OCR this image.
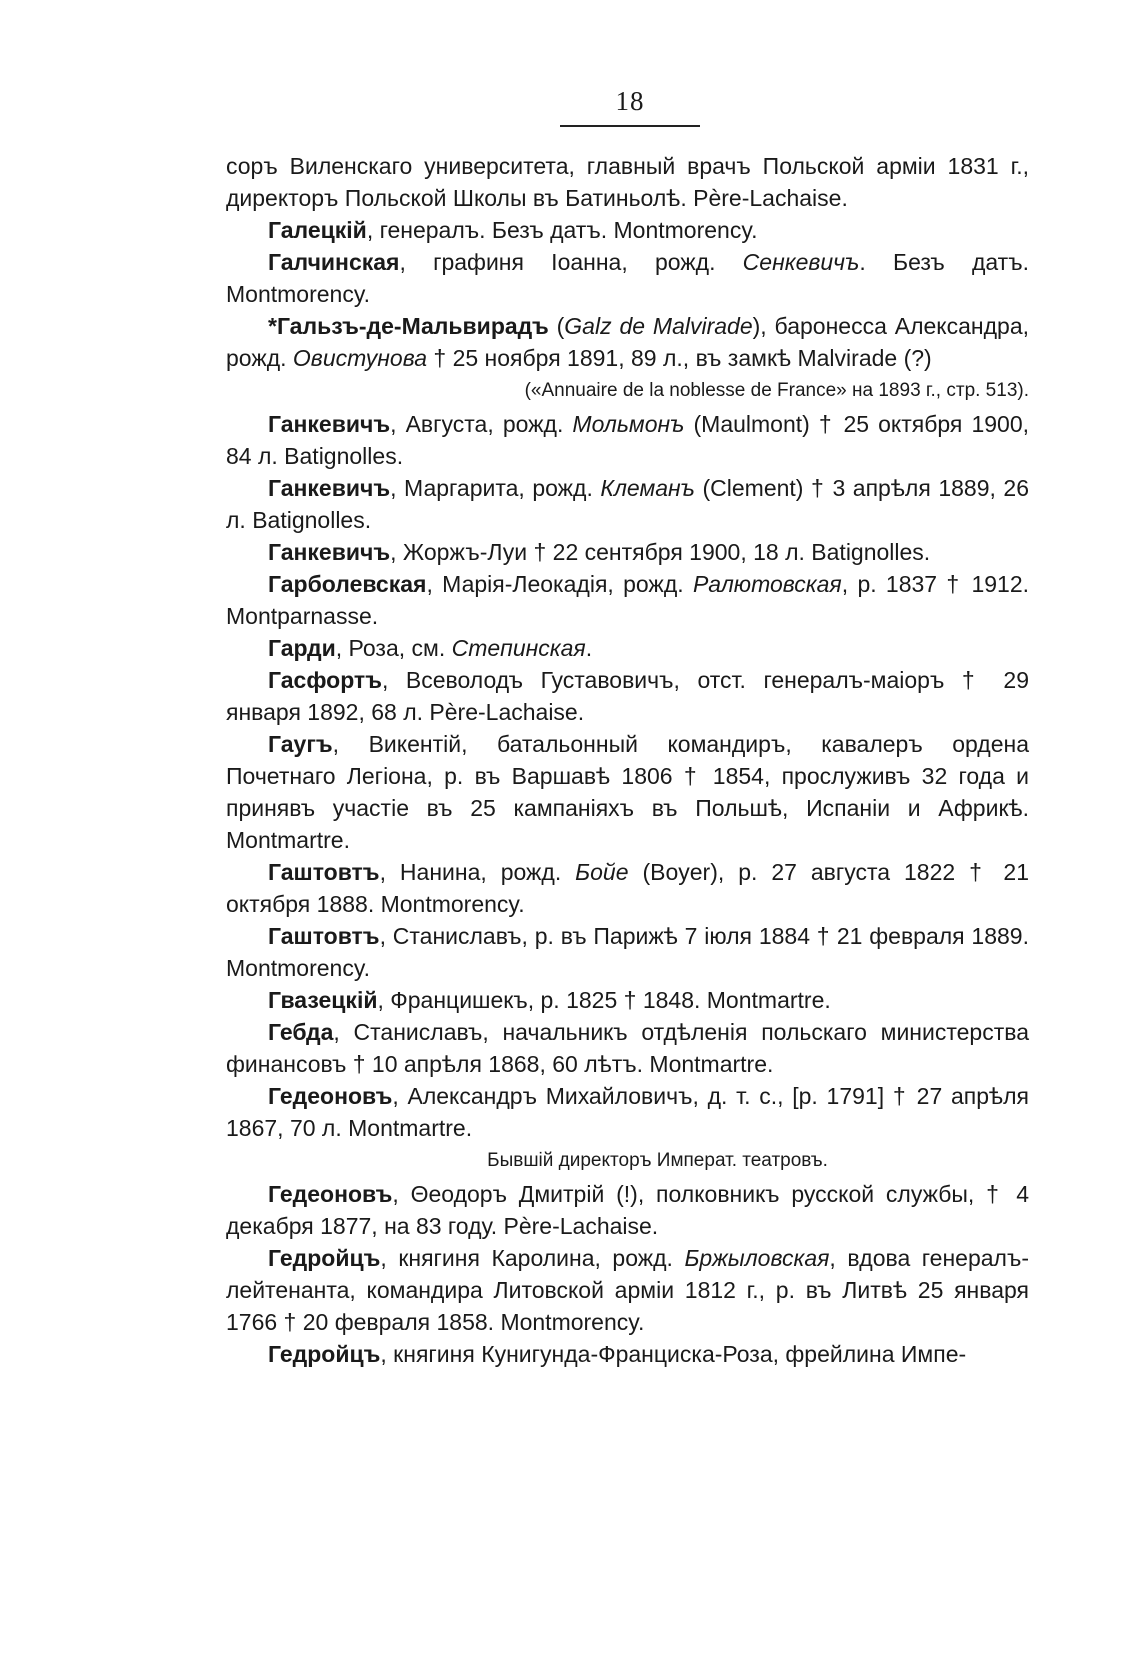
18

соръ Виленскаго университета, главный врачъ Польской арміи 1831 г., директоръ Польской Школы въ Батиньолѣ. Père-Lachaise.

Галецкій, генералъ. Безъ датъ. Montmorency.

Галчинская, графиня Іоанна, рожд. Сенкевичъ. Безъ датъ. Montmorency.

*Гальзъ-де-Мальвирадъ (Galz de Malvirade), баронесса Александра, рожд. Овистунова † 25 ноября 1891, 89 л., въ замкѣ Malvirade (?)

(«Annuaire de la noblesse de France» на 1893 г., стр. 513).

Ганкевичъ, Августа, рожд. Мольмонъ (Maulmont) † 25 октября 1900, 84 л. Batignolles.

Ганкевичъ, Маргарита, рожд. Клеманъ (Clement) † 3 апрѣля 1889, 26 л. Batignolles.

Ганкевичъ, Жоржъ-Луи † 22 сентября 1900, 18 л. Batignolles.

Гарболевская, Марія-Леокадія, рожд. Ралютовская, р. 1837 † 1912. Montparnasse.

Гарди, Роза, см. Степинская.

Гасфортъ, Всеволодъ Густавовичъ, отст. генералъ-маіоръ † 29 января 1892, 68 л. Père-Lachaise.

Гаугъ, Викентій, батальонный командиръ, кавалеръ ордена Почетнаго Легіона, р. въ Варшавѣ 1806 † 1854, прослуживъ 32 года и принявъ участіе въ 25 кампаніяхъ въ Польшѣ, Испаніи и Африкѣ. Montmartre.

Гаштовтъ, Нанина, рожд. Бойе (Boyer), р. 27 августа 1822 † 21 октября 1888. Montmorency.

Гаштовтъ, Станиславъ, р. въ Парижѣ 7 іюля 1884 † 21 февраля 1889. Montmorency.

Гвазецкій, Францишекъ, р. 1825 † 1848. Montmartre.

Гебда, Станиславъ, начальникъ отдѣленія польскаго министерства финансовъ † 10 апрѣля 1868, 60 лѣтъ. Montmartre.

Гедеоновъ, Александръ Михайловичъ, д. т. с., [р. 1791] † 27 апрѣля 1867, 70 л. Montmartre.

Бывшій директоръ Императ. театровъ.

Гедеоновъ, Θеодоръ Дмитрій (!), полковникъ русской службы, † 4 декабря 1877, на 83 году. Père-Lachaise.

Гедройцъ, княгиня Каролина, рожд. Бржыловская, вдова генералъ-лейтенанта, командира Литовской арміи 1812 г., р. въ Литвѣ 25 января 1766 † 20 февраля 1858. Montmorency.

Гедройцъ, княгиня Кунигунда-Франциска-Роза, фрейлина Импе-
